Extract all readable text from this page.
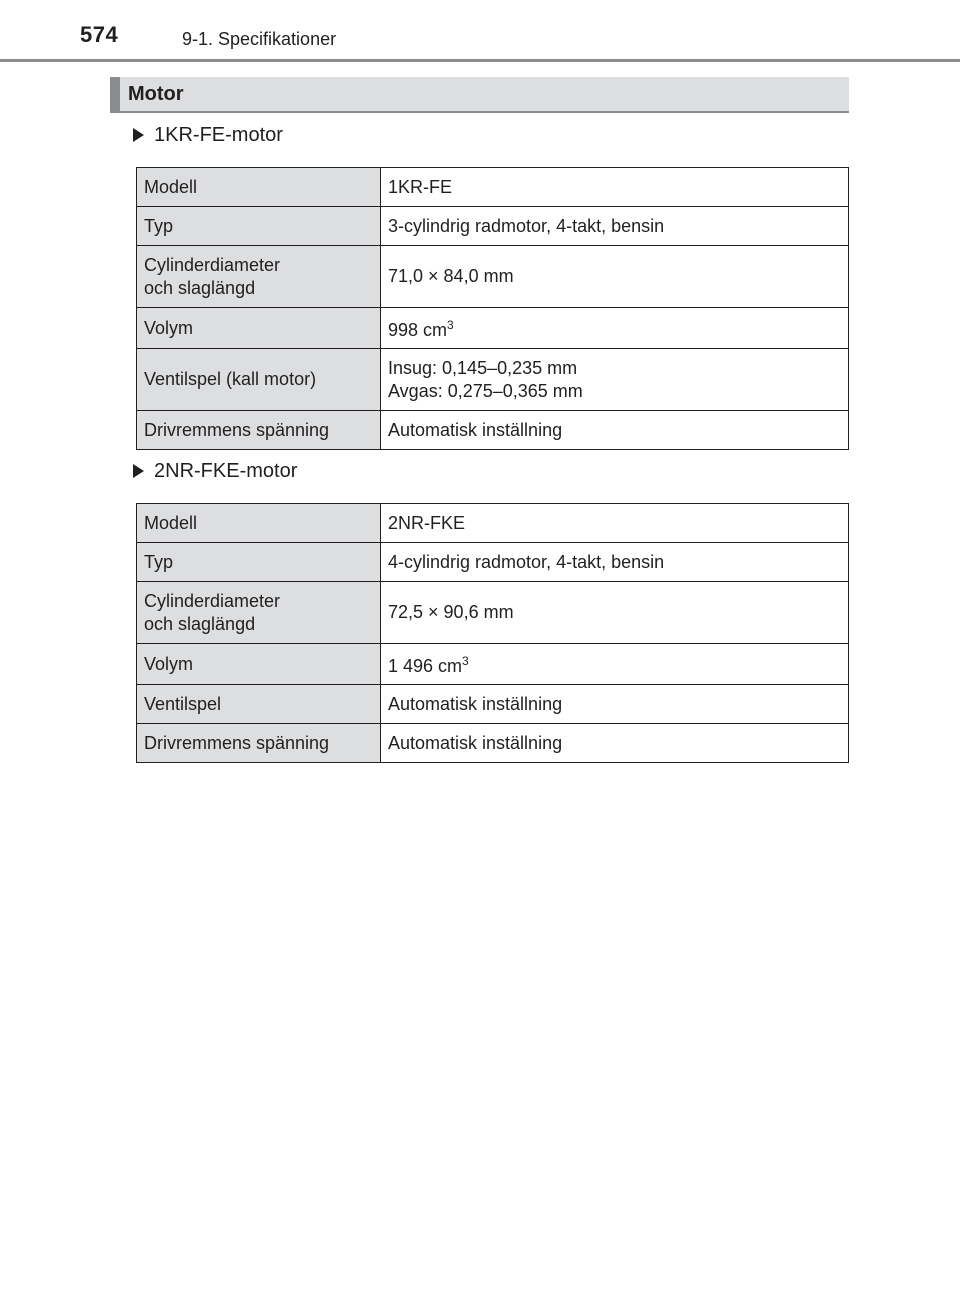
574	9-1. Specifikationer
Motor
1KR-FE-motor
Modell	1KR-FE
Typ	3-cylindrig radmotor, 4-takt, bensin
Cylinderdiameter
och slaglängd	71,0 × 84,0 mm
Volym	998 $cm^3$
Ventilspel (kall motor)	Insug: 0,145–0,235 mm
Avgas: 0,275–0,365 mm
Drivremmens spänning	Automatisk inställning
2NR-FKE-motor
Modell	2NR-FKE
Typ	4-cylindrig radmotor, 4-takt, bensin
Cylinderdiameter
och slaglängd	72,5 × 90,6 mm
Volym	1 496 $cm^3$
Ventilspel	Automatisk inställning
Drivremmens spänning	Automatisk inställning
